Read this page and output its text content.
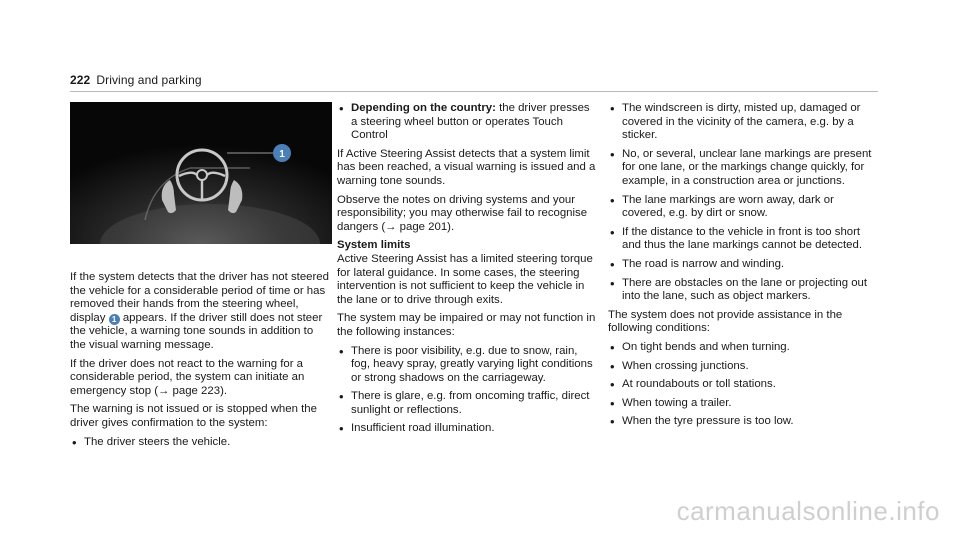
222 Driving and parking
1

If the system detects that the driver has not steered the vehicle for a considerable period of time or has removed their hands from the steering wheel, display 1 appears. If the driver still does not steer the vehicle, a warning tone sounds in addition to the visual warning message.

If the driver does not react to the warning for a considerable period, the system can initiate an emergency stop (→ page 223).

The warning is not issued or is stopped when the driver gives confirmation to the system:

• The driver steers the vehicle.
• Depending on the country: the driver presses a steering wheel button or operates Touch Control

If Active Steering Assist detects that a system limit has been reached, a visual warning is issued and a warning tone sounds.

Observe the notes on driving systems and your responsibility; you may otherwise fail to recognise dangers (→ page 201).

System limits

Active Steering Assist has a limited steering torque for lateral guidance. In some cases, the steering intervention is not sufficient to keep the vehicle in the lane or to drive through exits.

The system may be impaired or may not function in the following instances:

• There is poor visibility, e.g. due to snow, rain, fog, heavy spray, greatly varying light conditions or strong shadows on the carriageway.
• There is glare, e.g. from oncoming traffic, direct sunlight or reflections.
• Insufficient road illumination.
• The windscreen is dirty, misted up, damaged or covered in the vicinity of the camera, e.g. by a sticker.
• No, or several, unclear lane markings are present for one lane, or the markings change quickly, for example, in a construction area or junctions.
• The lane markings are worn away, dark or covered, e.g. by dirt or snow.
• If the distance to the vehicle in front is too short and thus the lane markings cannot be detected.
• The road is narrow and winding.
• There are obstacles on the lane or projecting out into the lane, such as object markers.

The system does not provide assistance in the following conditions:

• On tight bends and when turning.
• When crossing junctions.
• At roundabouts or toll stations.
• When towing a trailer.
• When the tyre pressure is too low.
carmanualsonline.info
